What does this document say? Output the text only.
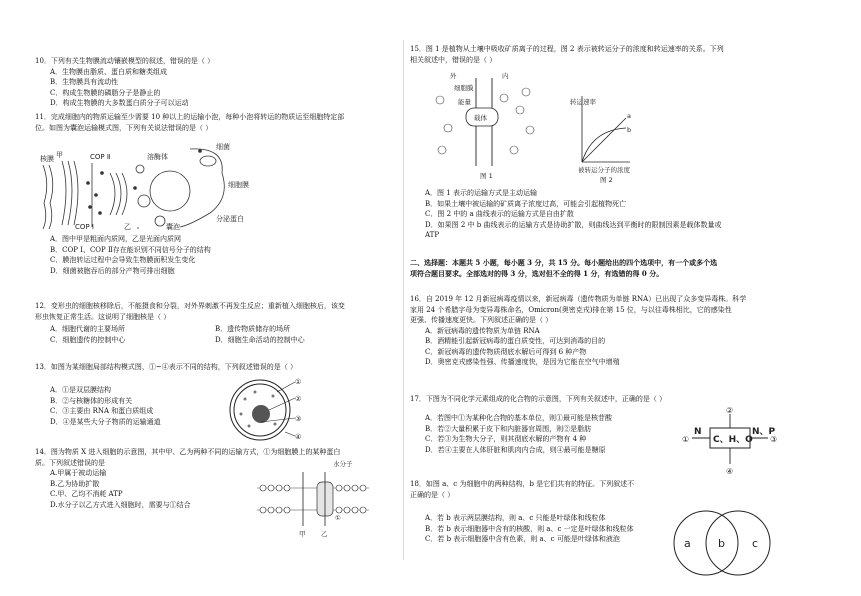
10．下列有关生物膜流动镶嵌模型的叙述，错误的是（ ）
A．生物膜由脂质、蛋白质和糖类组成
B．生物膜具有流动性
C．构成生物膜的磷脂分子是静止的
D．构成生物膜的大多数蛋白质分子可以运动
11．完成细胞内的物质运输至少需要 10 种以上的运输小泡，每种小泡将转运的物质运至细胞特定部
位。如图为囊泡运输模式图，下列有关说法错误的是（ ）
核膜 甲	COP Ⅱ	溶酶体
细菌
细胞膜
COP Ⅰ	乙	囊泡
分泌蛋白
A．图中甲是粗面内质网，乙是光面内质网
B．COP Ⅰ、COP Ⅱ存在能识别不同信号分子的结构
C．膜泡转运过程中会导致生物膜面积发生变化
D．细菌被胞吞后的部分产物可排出细胞
12．变形虫的细胞核移除后，不能摄食和分裂，对外界刺激不再发生反应；重新植入细胞核后，该变
形虫恢复正常生活。这说明了细胞核是（ ）
A．细胞代谢的主要场所	B．遗传物质储存的场所
C．细胞遗传的控制中心	D．细胞生命活动的控制中心
13．如图为某细胞局部结构模式图，①~④表示不同的结构，下列叙述错误的是（ ）
A．①是双层膜结构
B．②与核糖体的形成有关
C．③主要由 RNA 和蛋白质组成
D．④是某些大分子物质的运输通道
①
②
③
④
14．图为物质 X 进入细胞的示意图，其中甲、乙为两种不同的运输方式，①为细胞膜上的某种蛋白
质。下列叙述错误的是
A.甲属于被动运输
B.乙为协助扩散
C.甲、乙均不消耗 ATP
D.水分子以乙方式进入细胞时，需要与①结合
水分子
甲 乙
①
15．图 1 是植物从土壤中吸收矿质离子的过程，图 2 表示被转运分子的浓度和转运速率的关系。下列
相关叙述中，错误的是（ ）
外	内
细胞膜
能量
载体
图 1
转运速率
a
b
被转运分子的浓度
图 2
A．图 1 表示的运输方式是主动运输
B．如果土壤中被运输的矿质离子浓度过高，可能会引起植物死亡
C．图 2 中的 a 曲线表示的运输方式是自由扩散
D．如果图 2 中 b 曲线表示的运输方式是协助扩散，则曲线达到平衡时的限制因素是载体数量或
ATP
二、选择题：本题共 5 小题，每小题 3 分，共 15 分。每小题给出的四个选项中，有一个或多个选
项符合题目要求。全部选对的得 3 分，选对但不全的得 1 分，有选错的得 0 分。
16．自 2019 年 12 月新冠病毒疫情以来，新冠病毒（遗传物质为单链 RNA）已出现了众多变异毒株。科学
家用 24 个希腊字母为变异毒株命名，Omicron(奥密克戎)排在第 15 位，与以往毒株相比，它的感染性
更强、传播速度更快。下列叙述正确的是（ ）
A．新冠病毒的遗传物质为单链 RNA
B．酒精能引起新冠病毒的蛋白质变性，可达到消毒的目的
C．新冠病毒的遗传物质彻底水解后可得到 6 种产物
D．奥密克戎感染性强、传播速度快，是因为它能在空气中增殖
17．下图为不同化学元素组成的化合物的示意图，下列有关叙述中，正确的是（ ）
A．若图中①为某种化合物的基本单位，则①最可能是核苷酸
B．若②大量积累于皮下和内脏器官周围，则②是脂肪
C．若③为生物大分子，则其彻底水解的产物有 4 种
D．若④主要在人体肝脏和肌肉内合成，则④最可能是糖原
C、H、O
N	N、P
②
④
①	③
18．如图 a、c 为细胞中的两种结构，b 是它们共有的特征。下列叙述不
正确的是（ ）
A．若 b 表示两层膜结构，则 a、c 只能是叶绿体和线粒体
B．若 b 表示细胞器中含有的核酸，则 a、c 一定是叶绿体和线粒体
C．若 b 表示细胞器中含有色素，则 a、c 可能是叶绿体和液泡	a b c
